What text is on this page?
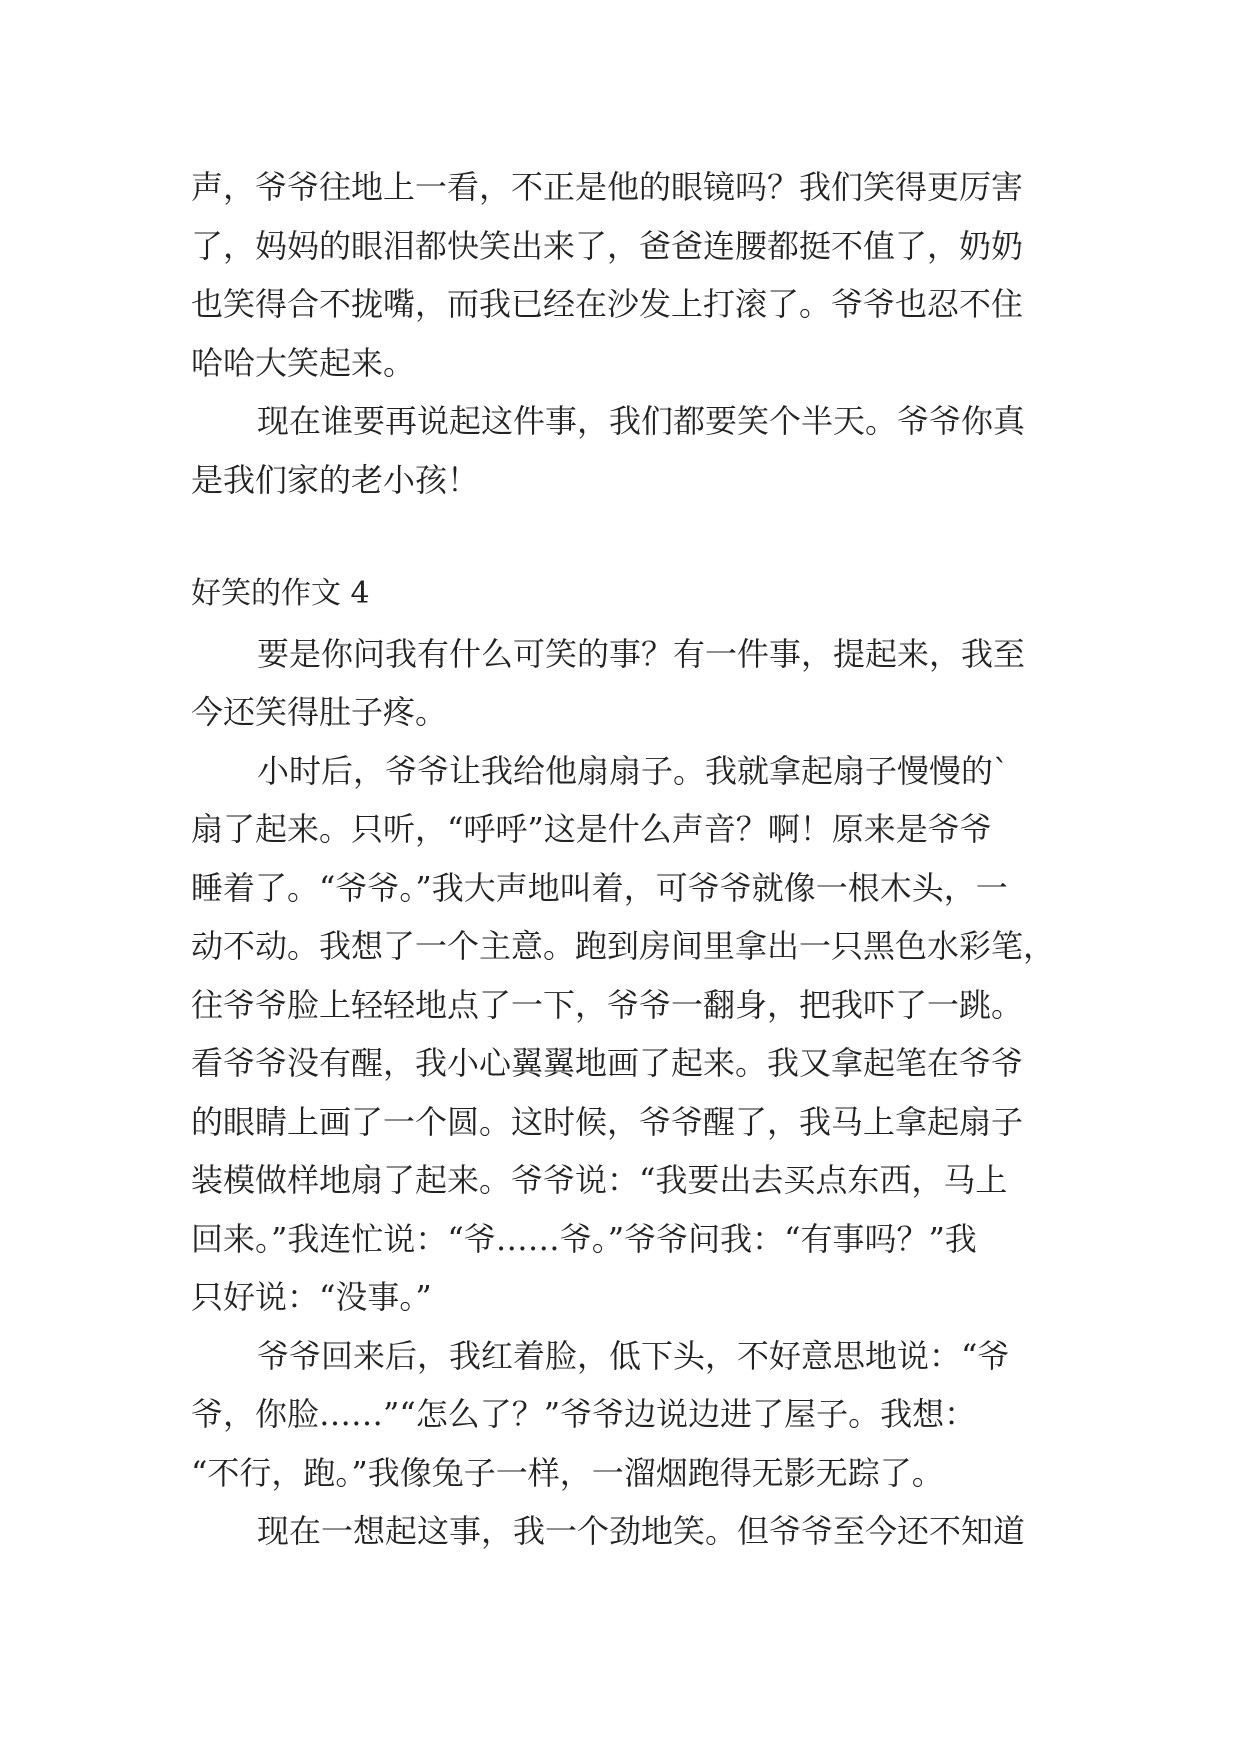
声，爷爷往地上一看，不正是他的眼镜吗？我们笑得更厉害
了，妈妈的眼泪都快笑出来了，爸爸连腰都挺不值了，奶奶
也笑得合不拢嘴，而我已经在沙发上打滚了。爷爷也忍不住
哈哈大笑起来。
现在谁要再说起这件事，我们都要笑个半天。爷爷你真
是我们家的老小孩！
好笑的作文 4
要是你问我有什么可笑的事？有一件事，提起来，我至
今还笑得肚子疼。
小时后，爷爷让我给他扇扇子。我就拿起扇子慢慢的`
扇了起来。只听，“呼呼”这是什么声音？啊！原来是爷爷
睡着了。“爷爷。”我大声地叫着，可爷爷就像一根木头，一
动不动。我想了一个主意。跑到房间里拿出一只黑色水彩笔，
往爷爷脸上轻轻地点了一下，爷爷一翻身，把我吓了一跳。
看爷爷没有醒，我小心翼翼地画了起来。我又拿起笔在爷爷
的眼睛上画了一个圆。这时候，爷爷醒了，我马上拿起扇子
装模做样地扇了起来。爷爷说：“我要出去买点东西，马上
回来。”我连忙说：“爷……爷。”爷爷问我：“有事吗？”我
只好说：“没事。”
爷爷回来后，我红着脸，低下头，不好意思地说：“爷
爷，你脸……”“怎么了？”爷爷边说边进了屋子。我想：
“不行，跑。”我像兔子一样，一溜烟跑得无影无踪了。
现在一想起这事，我一个劲地笑。但爷爷至今还不知道
